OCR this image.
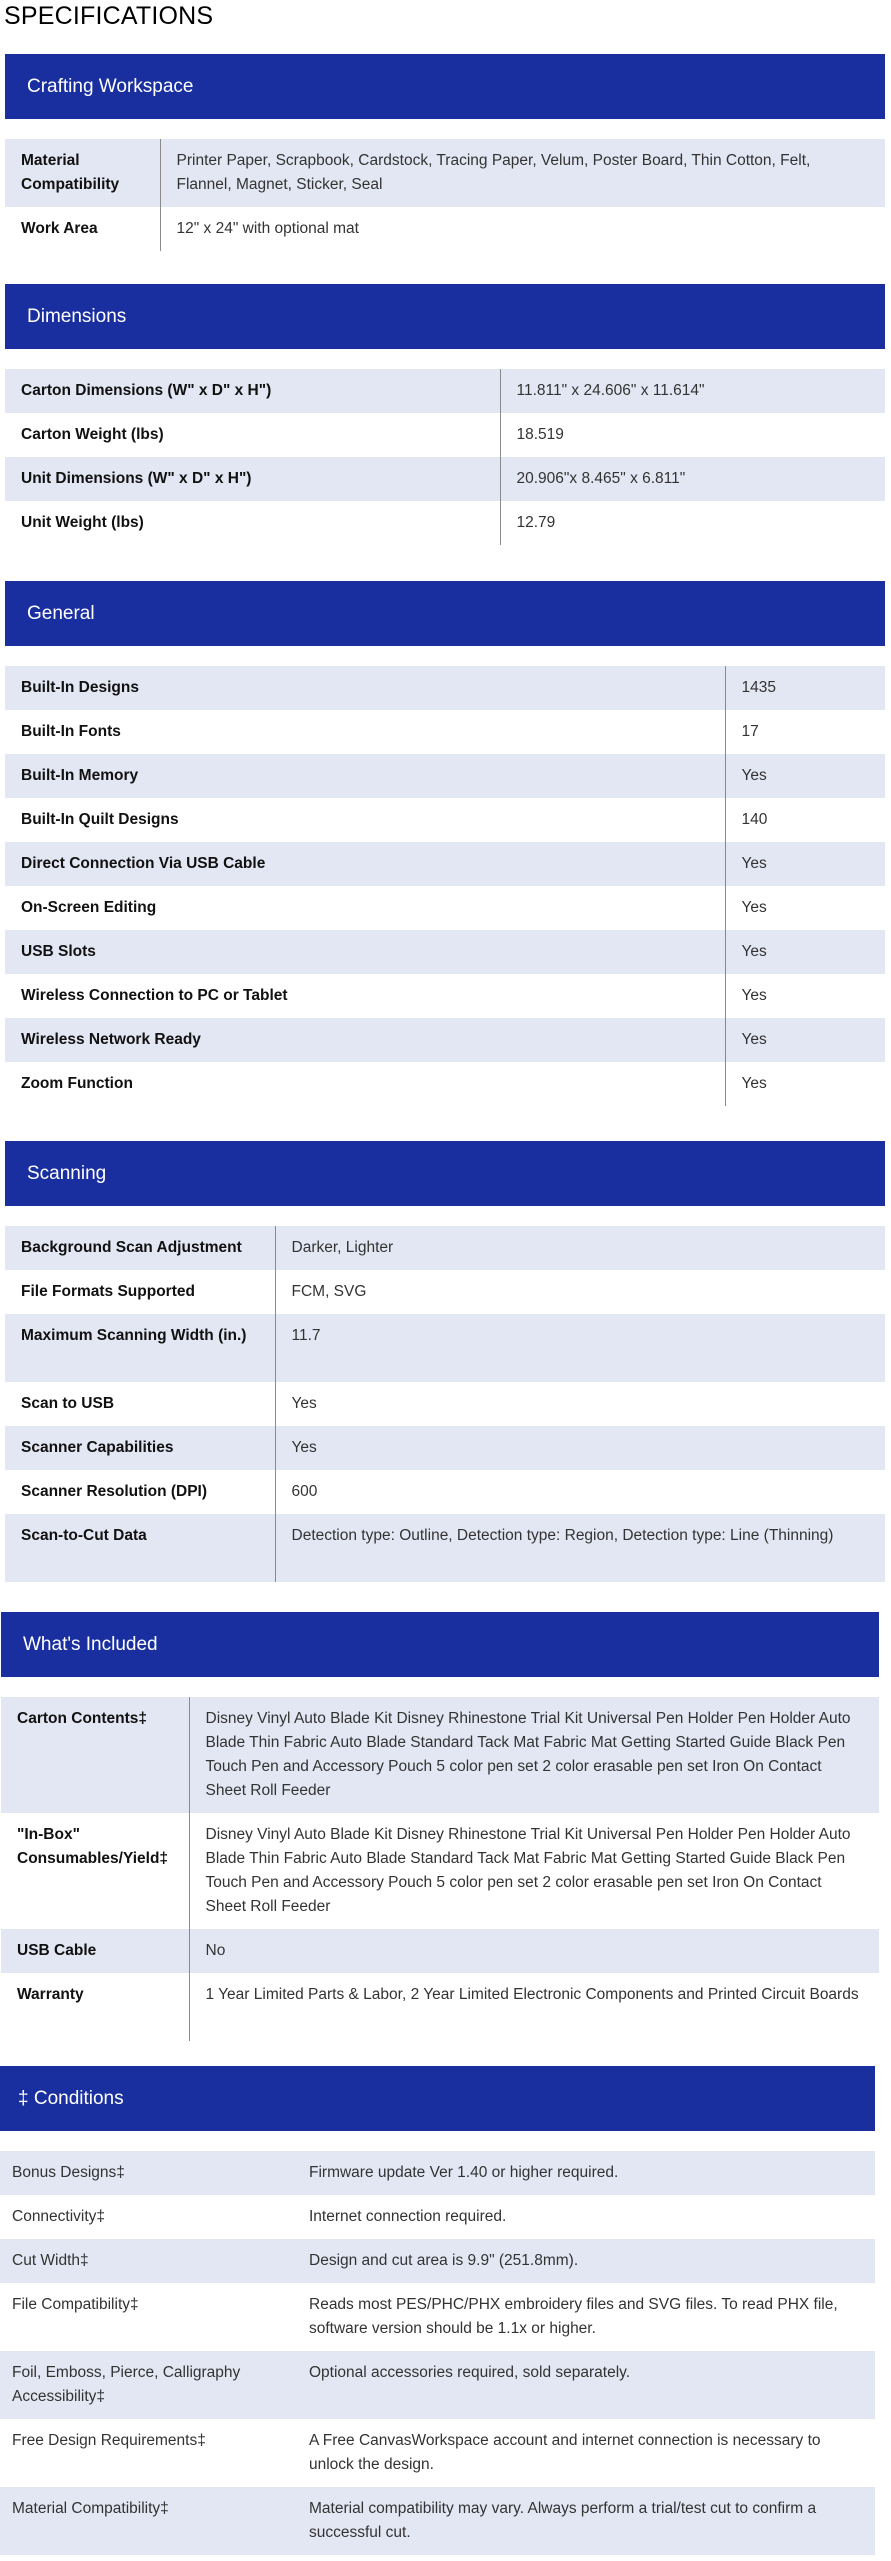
SPECIFICATIONS
Crafting Workspace
Material Compatibility	Printer Paper, Scrapbook, Cardstock, Tracing Paper, Velum, Poster Board, Thin Cotton, Felt, Flannel, Magnet, Sticker, Seal
Work Area	12" x 24" with optional mat
Dimensions
Carton Dimensions (W" x D" x H")	11.811" x 24.606" x 11.614"
Carton Weight (lbs)	18.519
Unit Dimensions (W" x D" x H")	20.906"x 8.465" x 6.811"
Unit Weight (lbs)	12.79
General
Built-In Designs	1435
Built-In Fonts	17
Built-In Memory	Yes
Built-In Quilt Designs	140
Direct Connection Via USB Cable	Yes
On-Screen Editing	Yes
USB Slots	Yes
Wireless Connection to PC or Tablet	Yes
Wireless Network Ready	Yes
Zoom Function	Yes
Scanning
Background Scan Adjustment	Darker, Lighter
File Formats Supported	FCM, SVG
Maximum Scanning Width (in.)	11.7
Scan to USB	Yes
Scanner Capabilities	Yes
Scanner Resolution (DPI)	600
Scan-to-Cut Data	Detection type: Outline, Detection type: Region, Detection type: Line (Thinning)
What's Included
Carton Contents‡	Disney Vinyl Auto Blade Kit Disney Rhinestone Trial Kit Universal Pen Holder Pen Holder Auto Blade Thin Fabric Auto Blade Standard Tack Mat Fabric Mat Getting Started Guide Black Pen Touch Pen and Accessory Pouch 5 color pen set 2 color erasable pen set Iron On Contact Sheet Roll Feeder
"In-Box" Consumables/Yield‡	Disney Vinyl Auto Blade Kit Disney Rhinestone Trial Kit Universal Pen Holder Pen Holder Auto Blade Thin Fabric Auto Blade Standard Tack Mat Fabric Mat Getting Started Guide Black Pen Touch Pen and Accessory Pouch 5 color pen set 2 color erasable pen set Iron On Contact Sheet Roll Feeder
USB Cable	No
Warranty	1 Year Limited Parts & Labor, 2 Year Limited Electronic Components and Printed Circuit Boards
‡ Conditions
Bonus Designs‡	Firmware update Ver 1.40 or higher required.
Connectivity‡	Internet connection required.
Cut Width‡	Design and cut area is 9.9" (251.8mm).
File Compatibility‡	Reads most PES/PHC/PHX embroidery files and SVG files. To read PHX file, software version should be 1.1x or higher.
Foil, Emboss, Pierce, Calligraphy Accessibility‡	Optional accessories required, sold separately.
Free Design Requirements‡	A Free CanvasWorkspace account and internet connection is necessary to unlock the design.
Material Compatibility‡	Material compatibility may vary. Always perform a trial/test cut to confirm a successful cut.
